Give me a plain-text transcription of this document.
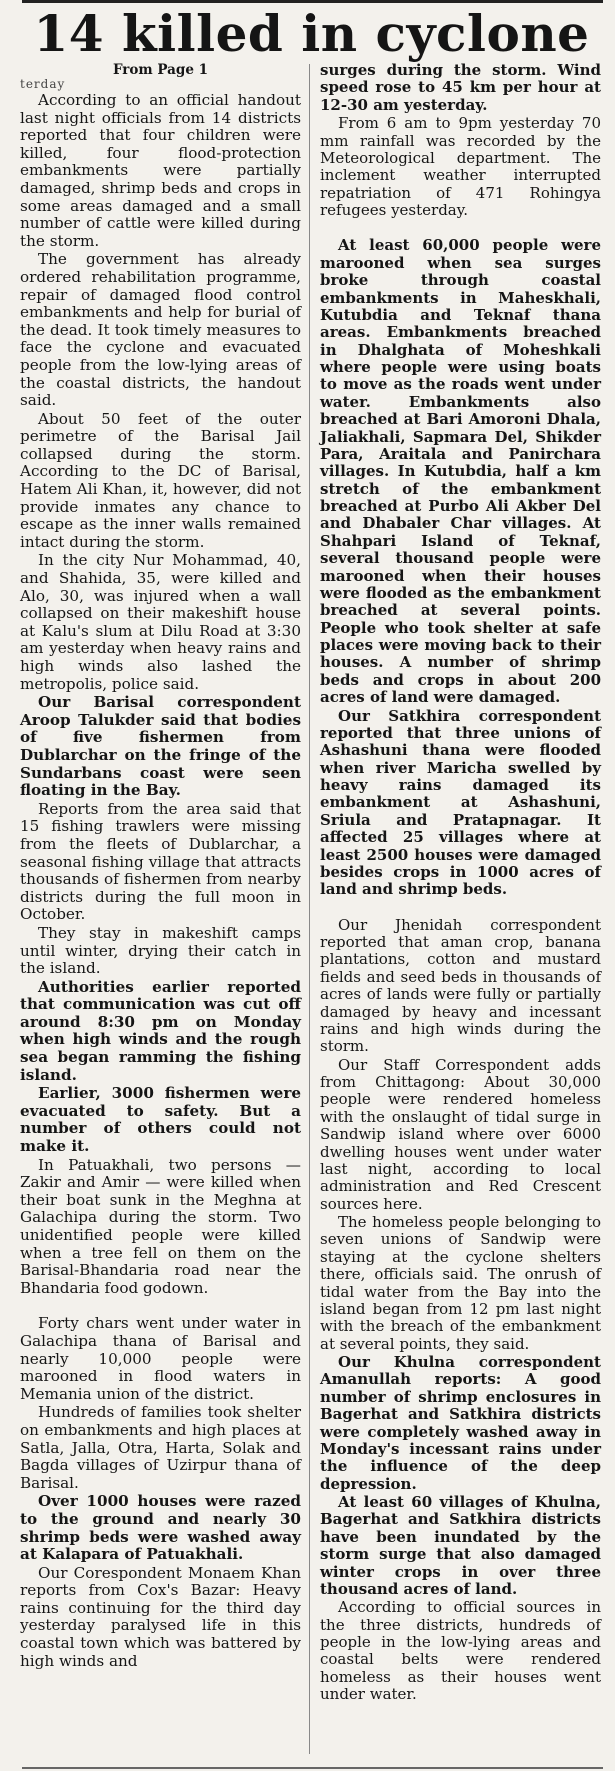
14 killed in cyclone
From Page 1
terday

According to an official handout last night officials from 14 districts reported that four children were killed, four flood-protection embankments were partially damaged, shrimp beds and crops in some areas damaged and a small number of cattle were killed during the storm.

The government has already ordered rehabilitation programme, repair of damaged flood control embankments and help for burial of the dead. It took timely measures to face the cyclone and evacuated people from the low-lying areas of the coastal districts, the handout said.

About 50 feet of the outer perimetre of the Barisal Jail collapsed during the storm. According to the DC of Barisal, Hatem Ali Khan, it, however, did not provide inmates any chance to escape as the inner walls remained intact during the storm.

In the city Nur Mohammad, 40, and Shahida, 35, were killed and Alo, 30, was injured when a wall collapsed on their makeshift house at Kalu's slum at Dilu Road at 3:30 am yesterday when heavy rains and high winds also lashed the metropolis, police said.

Our Barisal correspondent Aroop Talukder said that bodies of five fishermen from Dublarchar on the fringe of the Sundarbans coast were seen floating in the Bay.

Reports from the area said that 15 fishing trawlers were missing from the fleets of Dublarchar, a seasonal fishing village that attracts thousands of fishermen from nearby districts during the full moon in October.

They stay in makeshift camps until winter, drying their catch in the island.

Authorities earlier reported that communication was cut off around 8:30 pm on Monday when high winds and the rough sea began ramming the fishing island.

Earlier, 3000 fishermen were evacuated to safety. But a number of others could not make it.

In Patuakhali, two persons — Zakir and Amir — were killed when their boat sunk in the Meghna at Galachipa during the storm. Two unidentified people were killed when a tree fell on them on the Barisal-Bhandaria road near the Bhandaria food godown.

Forty chars went under water in Galachipa thana of Barisal and nearly 10,000 people were marooned in flood waters in Memania union of the district.

Hundreds of families took shelter on embankments and high places at Satla, Jalla, Otra, Harta, Solak and Bagda villages of Uzirpur thana of Barisal.

Over 1000 houses were razed to the ground and nearly 30 shrimp beds were washed away at Kalapara of Patuakhali.

Our Corespondent Monaem Khan reports from Cox's Bazar: Heavy rains continuing for the third day yesterday paralysed life in this coastal town which was battered by high winds and

surges during the storm. Wind speed rose to 45 km per hour at 12-30 am yesterday.

From 6 am to 9pm yesterday 70 mm rainfall was recorded by the Meteorological department. The inclement weather interrupted repatriation of 471 Rohingya refugees yesterday.

At least 60,000 people were marooned when sea surges broke through coastal embankments in Maheskhali, Kutubdia and Teknaf thana areas. Embankments breached in Dhalghata of Moheshkali where people were using boats to move as the roads went under water. Embankments also breached at Bari Amoroni Dhala, Jaliakhali, Sapmara Del, Shikder Para, Araitala and Panirchara villages. In Kutubdia, half a km stretch of the embankment breached at Purbo Ali Akber Del and Dhabaler Char villages. At Shahpari Island of Teknaf, several thousand people were marooned when their houses were flooded as the embankment breached at several points. People who took shelter at safe places were moving back to their houses. A number of shrimp beds and crops in about 200 acres of land were damaged.

Our Satkhira correspondent reported that three unions of Ashashuni thana were flooded when river Maricha swelled by heavy rains damaged its embankment at Ashashuni, Sriula and Pratapnagar. It affected 25 villages where at least 2500 houses were damaged besides crops in 1000 acres of land and shrimp beds.

Our Jhenidah correspondent reported that aman crop, banana plantations, cotton and mustard fields and seed beds in thousands of acres of lands were fully or partially damaged by heavy and incessant rains and high winds during the storm.

Our Staff Correspondent adds from Chittagong: About 30,000 people were rendered homeless with the onslaught of tidal surge in Sandwip island where over 6000 dwelling houses went under water last night, according to local administration and Red Crescent sources here.

The homeless people belonging to seven unions of Sandwip were staying at the cyclone shelters there, officials said. The onrush of tidal water from the Bay into the island began from 12 pm last night with the breach of the embankment at several points, they said.

Our Khulna correspondent Amanullah reports: A good number of shrimp enclosures in Bagerhat and Satkhira districts were completely washed away in Monday's incessant rains under the influence of the deep depression.

At least 60 villages of Khulna, Bagerhat and Satkhira districts have been inundated by the storm surge that also damaged winter crops in over three thousand acres of land.

According to official sources in the three districts, hundreds of people in the low-lying areas and coastal belts were rendered homeless as their houses went under water.
